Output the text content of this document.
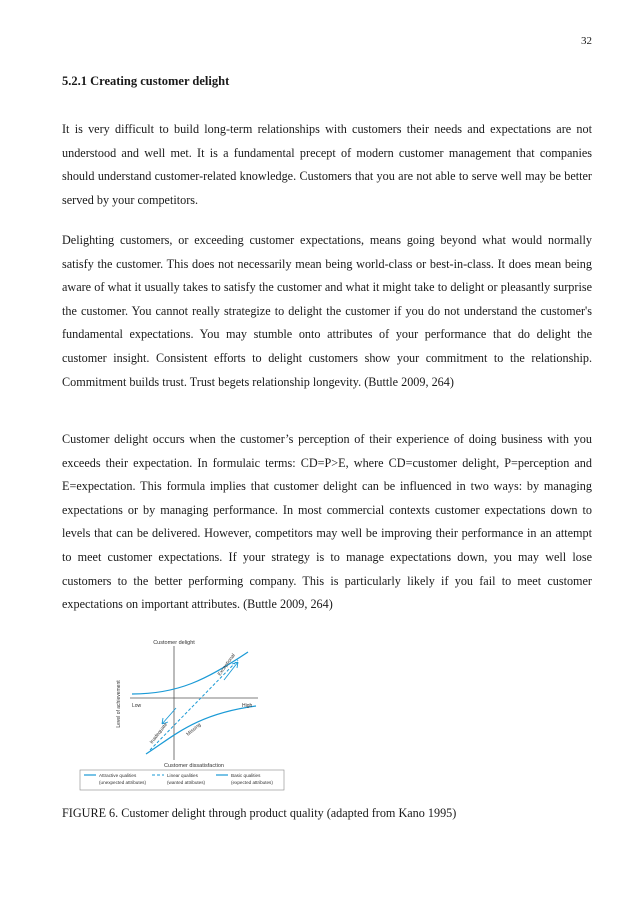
32
5.2.1 Creating customer delight

It is very difficult to build long-term relationships with customers their needs and expectations are not understood and well met. It is a fundamental precept of modern customer management that companies should understand customer-related knowledge. Customers that you are not able to serve well may be better served by your competitors.

Delighting customers, or exceeding customer expectations, means going beyond what would normally satisfy the customer. This does not necessarily mean being world-class or best-in-class. It does mean being aware of what it usually takes to satisfy the customer and what it might take to delight or pleasantly surprise the customer. You cannot really strategize to delight the customer if you do not understand the customer's fundamental expectations. You may stumble onto attributes of your performance that do delight the customer insight. Consistent efforts to delight customers show your commitment to the relationship. Commitment builds trust. Trust begets relationship longevity. (Buttle 2009, 264)

Customer delight occurs when the customer’s perception of their experience of doing business with you exceeds their expectation. In formulaic terms: CD=P>E, where CD=customer delight, P=perception and E=expectation. This formula implies that customer delight can be influenced in two ways: by managing expectations or by managing performance. In most commercial contexts customer expectations down to levels that can be delivered. However, competitors may well be improving their performance in an attempt to meet customer expectations. If your strategy is to manage expectations down, you may well lose customers to the better performing company. This is particularly likely if you fail to meet customer expectations on important attributes. (Buttle 2009, 264)

Customer delight
Customer dissatisfaction
Level of achievement Low	High
Exceptional
Inadequate	Missing
Attractive qualities
(unexpected attributes)
Linear qualities
(wanted attributes)
Basic qualities
(expected attributes)
FIGURE 6. Customer delight through product quality (adapted from Kano 1995)
